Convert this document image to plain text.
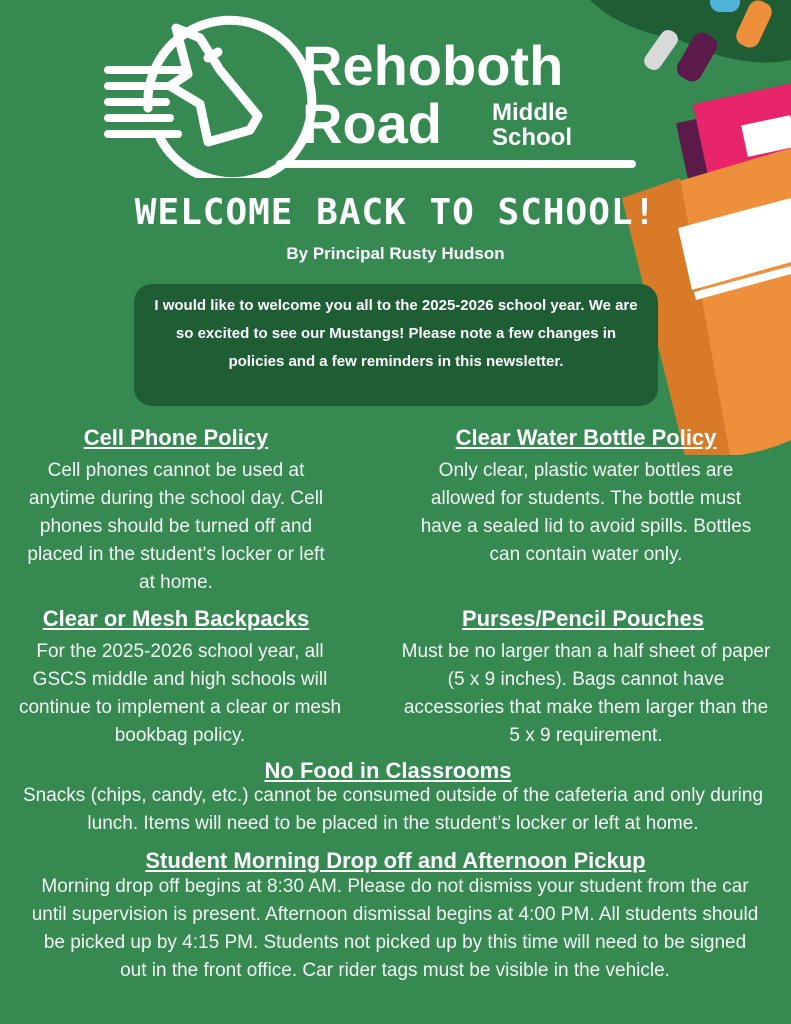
Rehoboth
Road Middle
School
WELCOME BACK TO SCHOOL!
By Principal Rusty Hudson
I would like to welcome you all to the 2025-2026 school year. We are so excited to see our Mustangs! Please note a few changes in policies and a few reminders in this newsletter.
Cell Phone Policy
Cell phones cannot be used at anytime during the school day. Cell phones should be turned off and placed in the student's locker or left at home.
Clear Water Bottle Policy
Only clear, plastic water bottles are allowed for students. The bottle must have a sealed lid to avoid spills. Bottles can contain water only.
Clear or Mesh Backpacks
For the 2025-2026 school year, all GSCS middle and high schools will continue to implement a clear or mesh bookbag policy.
Purses/Pencil Pouches
Must be no larger than a half sheet of paper (5 x 9 inches). Bags cannot have accessories that make them larger than the 5 x 9 requirement.
No Food in Classrooms
Snacks (chips, candy, etc.) cannot be consumed outside of the cafeteria and only during lunch. Items will need to be placed in the student’s locker or left at home.
Student Morning Drop off and Afternoon Pickup
Morning drop off begins at 8:30 AM. Please do not dismiss your student from the car until supervision is present. Afternoon dismissal begins at 4:00 PM. All students should be picked up by 4:15 PM. Students not picked up by this time will need to be signed out in the front office. Car rider tags must be visible in the vehicle.
